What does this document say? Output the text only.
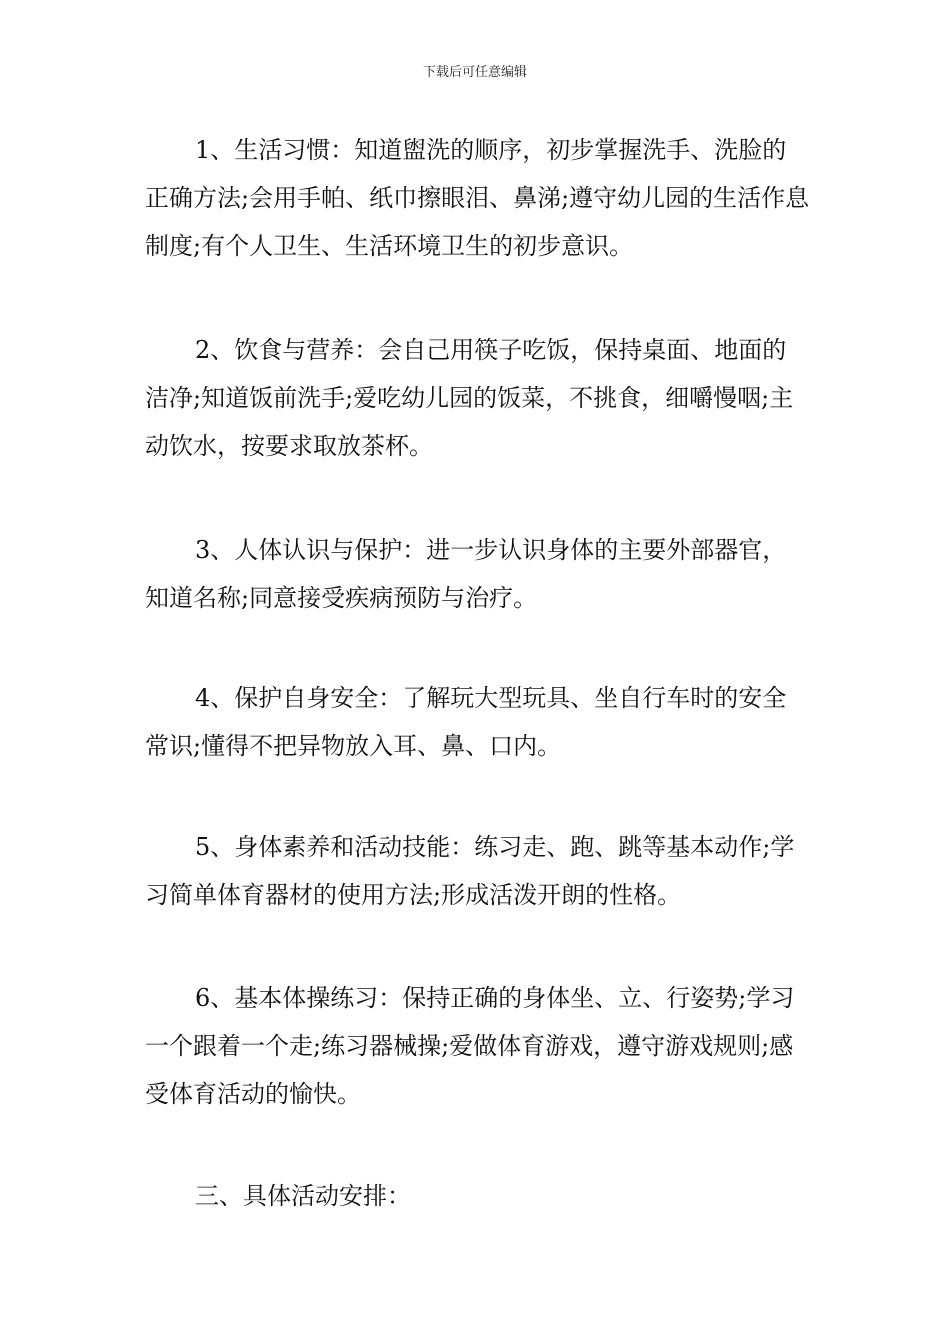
下载后可任意编辑

1、生活习惯：知道盥洗的顺序，初步掌握洗手、洗脸的正确方法;会用手帕、纸巾擦眼泪、鼻涕;遵守幼儿园的生活作息制度;有个人卫生、生活环境卫生的初步意识。

2、饮食与营养：会自己用筷子吃饭，保持桌面、地面的洁净;知道饭前洗手;爱吃幼儿园的饭菜，不挑食，细嚼慢咽;主动饮水，按要求取放茶杯。

3、人体认识与保护：进一步认识身体的主要外部器官，知道名称;同意接受疾病预防与治疗。

4、保护自身安全：了解玩大型玩具、坐自行车时的安全常识;懂得不把异物放入耳、鼻、口内。

5、身体素养和活动技能：练习走、跑、跳等基本动作;学习简单体育器材的使用方法;形成活泼开朗的性格。

6、基本体操练习：保持正确的身体坐、立、行姿势;学习一个跟着一个走;练习器械操;爱做体育游戏，遵守游戏规则;感受体育活动的愉快。

三、具体活动安排：
